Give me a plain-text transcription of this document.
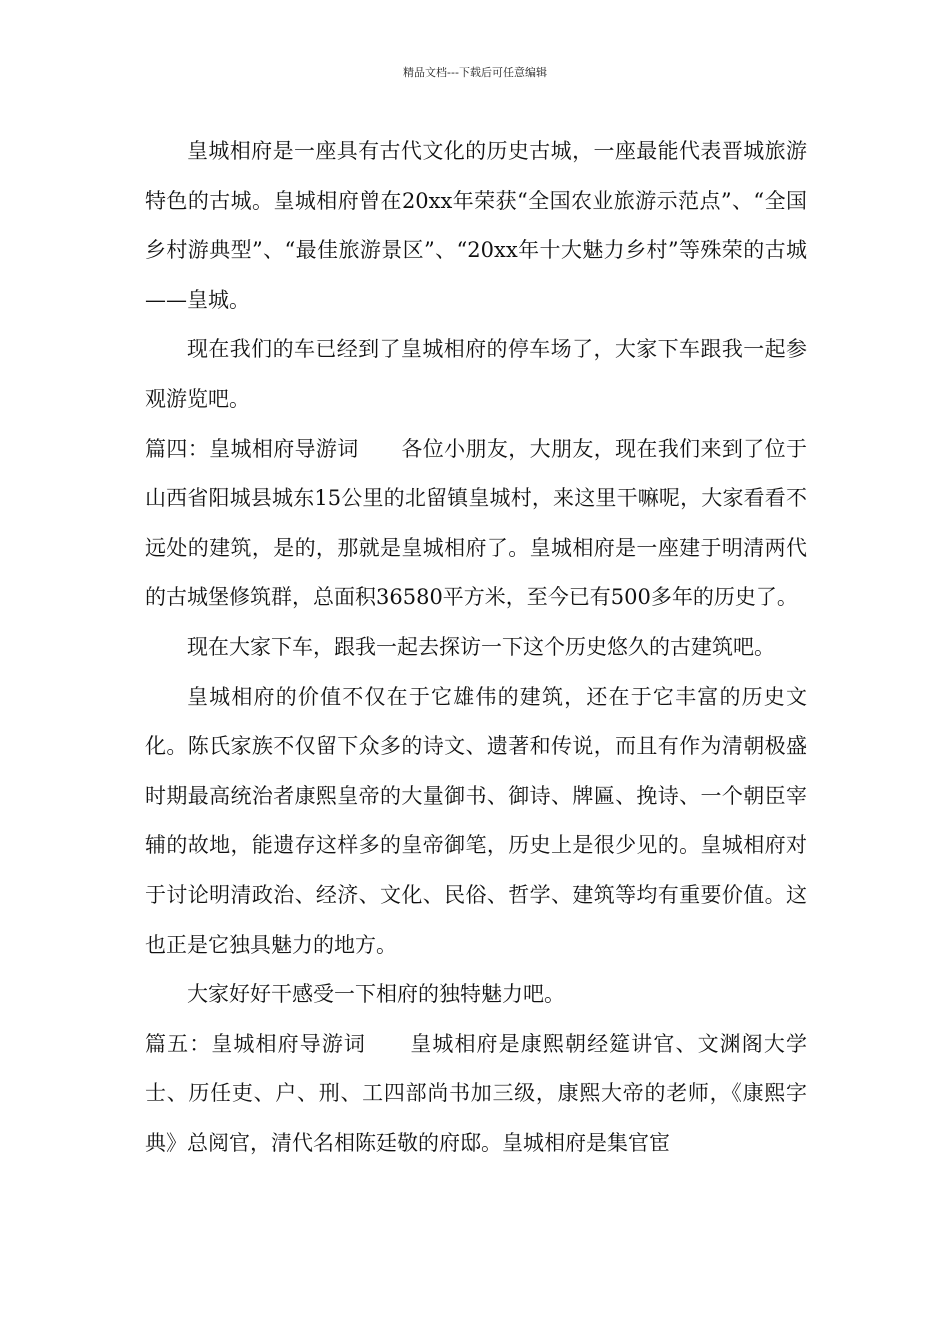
精品文档---下载后可任意编辑

皇城相府是一座具有古代文化的历史古城，一座最能代表晋城旅游特色的古城。皇城相府曾在20xx年荣获“全国农业旅游示范点”、“全国乡村游典型”、“最佳旅游景区”、“20xx年十大魅力乡村”等殊荣的古城——皇城。

现在我们的车已经到了皇城相府的停车场了，大家下车跟我一起参观游览吧。

篇四：皇城相府导游词　　各位小朋友，大朋友，现在我们来到了位于山西省阳城县城东15公里的北留镇皇城村，来这里干嘛呢，大家看看不远处的建筑，是的，那就是皇城相府了。皇城相府是一座建于明清两代的古城堡修筑群，总面积36580平方米，至今已有500多年的历史了。

现在大家下车，跟我一起去探访一下这个历史悠久的古建筑吧。

皇城相府的价值不仅在于它雄伟的建筑，还在于它丰富的历史文化。陈氏家族不仅留下众多的诗文、遗著和传说，而且有作为清朝极盛时期最高统治者康熙皇帝的大量御书、御诗、牌匾、挽诗、一个朝臣宰辅的故地，能遗存这样多的皇帝御笔，历史上是很少见的。皇城相府对于讨论明清政治、经济、文化、民俗、哲学、建筑等均有重要价值。这也正是它独具魅力的地方。

大家好好干感受一下相府的独特魅力吧。

篇五：皇城相府导游词　　皇城相府是康熙朝经筵讲官、文渊阁大学士、历任吏、户、刑、工四部尚书加三级，康熙大帝的老师，《康熙字典》总阅官，清代名相陈廷敬的府邸。皇城相府是集官宦
